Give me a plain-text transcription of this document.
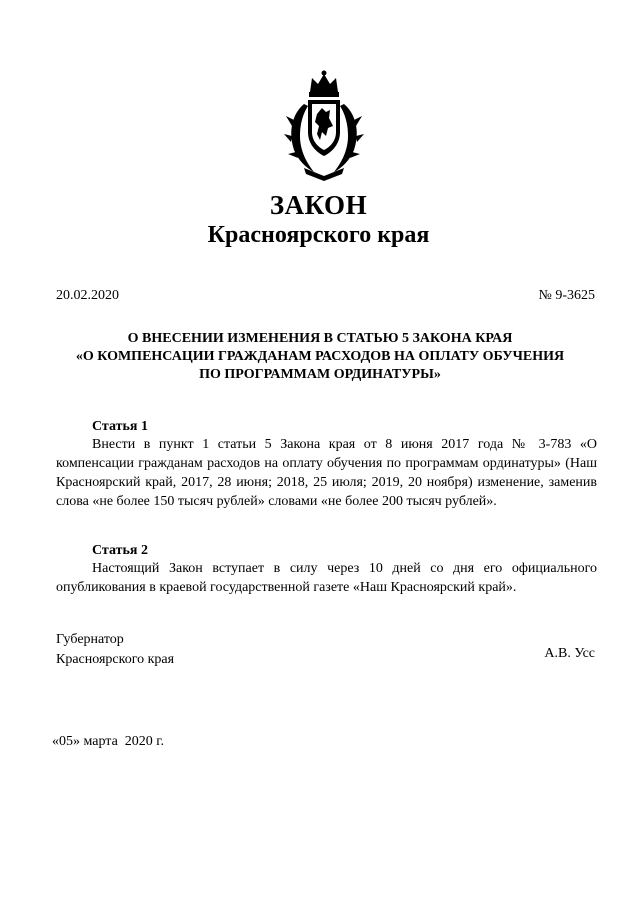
ЗАКОН
Красноярского края
20.02.2020	№ 9-3625
О ВНЕСЕНИИ ИЗМЕНЕНИЯ В СТАТЬЮ 5 ЗАКОНА КРАЯ
«О КОМПЕНСАЦИИ ГРАЖДАНАМ РАСХОДОВ НА ОПЛАТУ ОБУЧЕНИЯ
ПО ПРОГРАММАМ ОРДИНАТУРЫ»
Статья 1

Внести в пункт 1 статьи 5 Закона края от 8 июня 2017 года № 3-783 «О компенсации гражданам расходов на оплату обучения по программам ординатуры» (Наш Красноярский край, 2017, 28 июня; 2018, 25 июля; 2019, 20 ноября) изменение, заменив слова «не более 150 тысяч рублей» словами «не более 200 тысяч рублей».

Статья 2

Настоящий Закон вступает в силу через 10 дней со дня его официального опубликования в краевой государственной газете «Наш Красноярский край».

Губернатор
Красноярского края	А.В. Усс
«05» марта  2020 г.
